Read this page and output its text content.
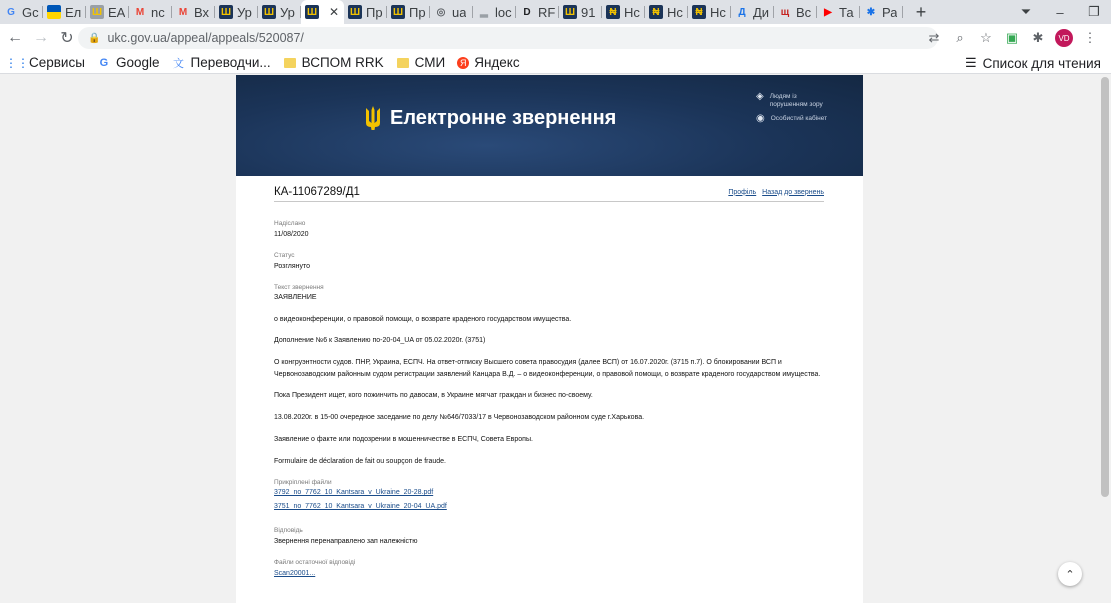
G Gc Ел Ш ЕА M nc M Вх Ш Ур Ш Ур Ш ✕ Ш Пр Ш Пр ◎ ua	▂ loc	D RF Ш 91	₦ Нс	₦ Нс	₦ Нс	Д Ди щ Вс	▶ Та ✱ Ра	+	⏷	–	❐
← → ↻	🔒 ukc.gov.ua/appeal/appeals/520087/	⇄	⌕	☆	▣	✱	VD	⋮
⋮⋮ Сервисы G Google 文 Переводчи... ВСПОМ RRK СМИ	Я Яндекс	☰ Список для чтения
Електронне звернення
◈ Людям із порушенням зору
◉ Особистий кабінет
КА-11067289/Д1	Профіль Назад до звернень
Надіслано
11/08/2020
Статус
Розглянуто
Текст звернення
ЗАЯВЛЕНИЕ
о видеоконференции, о правовой помощи, о возврате краденого государством имущества.
Дополнение №6 к Заявлению по-20-04_UA от 05.02.2020г. (3751)
О конгруэнтности судов. ПНР, Украина, ЕСПЧ. На ответ-отписку Высшего совета правосудия (далее ВСП) от 16.07.2020г. (3715 п.7). О блокировании ВСП и Червонозаводским районным судом регистрации заявлений Канцара В.Д. – о видеоконференции, о правовой помощи, о возврате краденого государством имущества.
Пока Президент ищет, кого пожинчить по давосам, в Украине мягчат граждан и бизнес по-своему.
13.08.2020г. в 15-00 очередное заседание по делу №646/7033/17 в Червонозаводском районном суде г.Харькова.
Заявление о факте или подозрении в мошенничестве в ЕСПЧ, Совета Европы.
Formulaire de déclaration de fait ou soupçon de fraude.
Прикріплені файли
3792_no_7762_10_Kantsara_v_Ukraine_20-28.pdf
3751_no_7762_10_Kantsara_v_Ukraine_20-04_UA.pdf
Відповідь
Звернення перенаправлено зап належністю
Файли остаточної відповіді
Scan20001...	⌃
